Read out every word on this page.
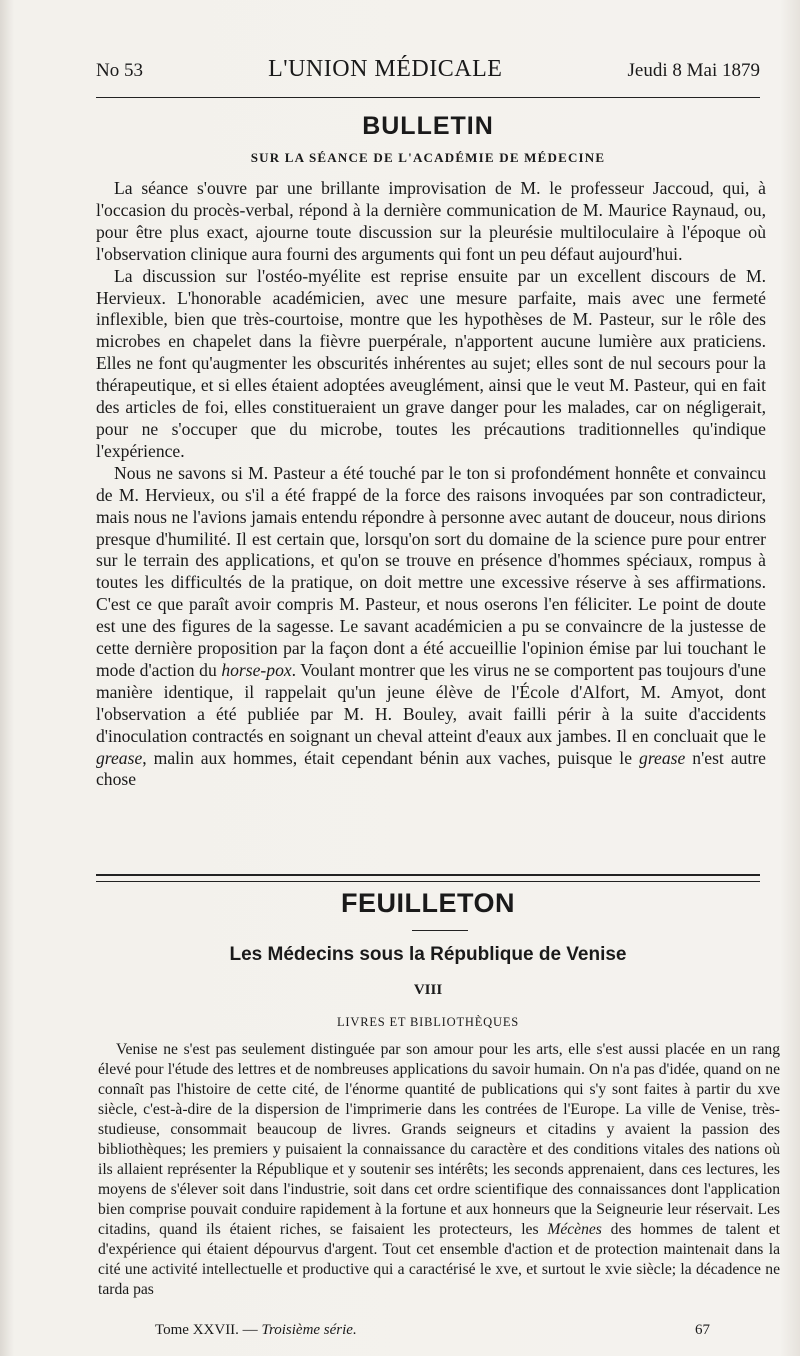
No 53	L'UNION MÉDICALE	Jeudi 8 Mai 1879
BULLETIN
SUR LA SÉANCE DE L'ACADÉMIE DE MÉDECINE

La séance s'ouvre par une brillante improvisation de M. le professeur Jaccoud, qui, à l'occasion du procès-verbal, répond à la dernière communication de M. Maurice Raynaud, ou, pour être plus exact, ajourne toute discussion sur la pleurésie multiloculaire à l'époque où l'observation clinique aura fourni des arguments qui font un peu défaut aujourd'hui.

La discussion sur l'ostéo-myélite est reprise ensuite par un excellent discours de M. Hervieux. L'honorable académicien, avec une mesure parfaite, mais avec une fermeté inflexible, bien que très-courtoise, montre que les hypothèses de M. Pasteur, sur le rôle des microbes en chapelet dans la fièvre puerpérale, n'apportent aucune lumière aux praticiens. Elles ne font qu'augmenter les obscurités inhérentes au sujet; elles sont de nul secours pour la thérapeutique, et si elles étaient adoptées aveuglément, ainsi que le veut M. Pasteur, qui en fait des articles de foi, elles constitueraient un grave danger pour les malades, car on négligerait, pour ne s'occuper que du microbe, toutes les précautions traditionnelles qu'indique l'expérience.

Nous ne savons si M. Pasteur a été touché par le ton si profondément honnête et convaincu de M. Hervieux, ou s'il a été frappé de la force des raisons invoquées par son contradicteur, mais nous ne l'avions jamais entendu répondre à personne avec autant de douceur, nous dirions presque d'humilité. Il est certain que, lorsqu'on sort du domaine de la science pure pour entrer sur le terrain des applications, et qu'on se trouve en présence d'hommes spéciaux, rompus à toutes les difficultés de la pratique, on doit mettre une excessive réserve à ses affirmations. C'est ce que paraît avoir compris M. Pasteur, et nous oserons l'en féliciter. Le point de doute est une des figures de la sagesse. Le savant académicien a pu se convaincre de la justesse de cette dernière proposition par la façon dont a été accueillie l'opinion émise par lui touchant le mode d'action du horse-pox. Voulant montrer que les virus ne se comportent pas toujours d'une manière identique, il rappelait qu'un jeune élève de l'École d'Alfort, M. Amyot, dont l'observation a été publiée par M. H. Bouley, avait failli périr à la suite d'accidents d'inoculation contractés en soignant un cheval atteint d'eaux aux jambes. Il en concluait que le grease, malin aux hommes, était cependant bénin aux vaches, puisque le grease n'est autre chose

FEUILLETON
Les Médecins sous la République de Venise
VIII
LIVRES ET BIBLIOTHÈQUES

Venise ne s'est pas seulement distinguée par son amour pour les arts, elle s'est aussi placée en un rang élevé pour l'étude des lettres et de nombreuses applications du savoir humain. On n'a pas d'idée, quand on ne connaît pas l'histoire de cette cité, de l'énorme quantité de publications qui s'y sont faites à partir du xve siècle, c'est-à-dire de la dispersion de l'imprimerie dans les contrées de l'Europe. La ville de Venise, très-studieuse, consommait beaucoup de livres. Grands seigneurs et citadins y avaient la passion des bibliothèques; les premiers y puisaient la connaissance du caractère et des conditions vitales des nations où ils allaient représenter la République et y soutenir ses intérêts; les seconds apprenaient, dans ces lectures, les moyens de s'élever soit dans l'industrie, soit dans cet ordre scientifique des connaissances dont l'application bien comprise pouvait conduire rapidement à la fortune et aux honneurs que la Seigneurie leur réservait. Les citadins, quand ils étaient riches, se faisaient les protecteurs, les Mécènes des hommes de talent et d'expérience qui étaient dépourvus d'argent. Tout cet ensemble d'action et de protection maintenait dans la cité une activité intellectuelle et productive qui a caractérisé le xve, et surtout le xvie siècle; la décadence ne tarda pas

Tome XXVII. — Troisième série.	67
